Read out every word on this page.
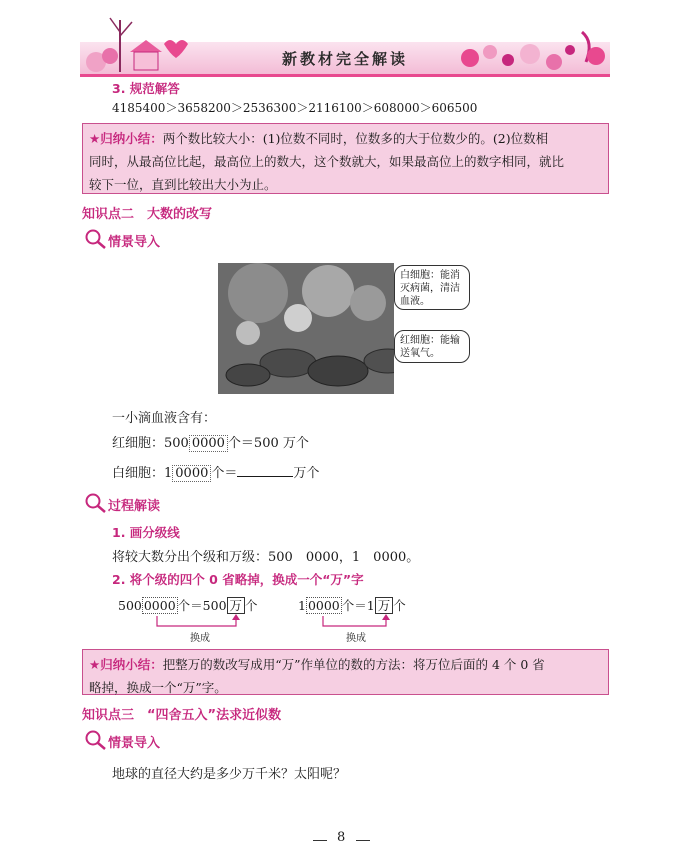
新教材完全解读
3. 规范解答
4185400＞3658200＞2536300＞2116100＞608000＞606500
★归纳小结：两个数比较大小：(1)位数不同时，位数多的大于位数少的。(2)位数相
同时，从最高位比起，最高位上的数大，这个数就大，如果最高位上的数字相同，就比
较下一位，直到比较出大小为止。
知识点二　大数的改写
情景导入
白细胞：能消灭病菌，清洁血液。
红细胞：能输送氧气。
一小滴血液含有：
红细胞：500 0000 个＝500 万个
白细胞：1 0000 个＝	万个
过程解读
1. 画分级线
将较大数分出个级和万级：500　0000，1　0000。
2. 将个级的四个 0 省略掉，换成一个“万”字
500 0000 个＝500 万 个
换成
1 0000 个＝1 万 个
换成
★归纳小结：把整万的数改写成用“万”作单位的数的方法：将万位后面的 4 个 0 省
略掉，换成一个“万”字。
知识点三　“四舍五入”法求近似数
情景导入
地球的直径大约是多少万千米？太阳呢？
8
